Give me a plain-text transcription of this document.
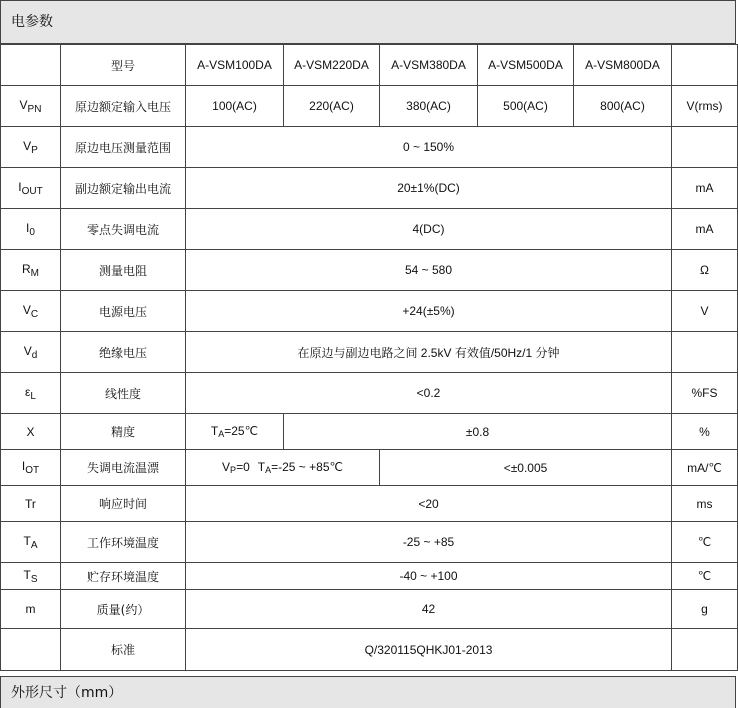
电参数
	型号	A-VSM100DA	A-VSM220DA	A-VSM380DA	A-VSM500DA	A-VSM800DA	
$V_{PN}$	原边额定输入电压	100(AC)	220(AC)	380(AC)	500(AC)	800(AC)	V(rms)
$V_P$	原边电压测量范围	0 ~ 150%					
$I_{OUT}$	副边额定输出电流	20±1%(DC)					mA
$I_0$	零点失调电流	4(DC)					mA
$R_M$	测量电阻	54 ~ 580					Ω
$V_C$	电源电压	+24(±5%)					V
$V_d$	绝缘电压	在原边与副边电路之间 2.5kV 有效值/50Hz/1 分钟					
$\varepsilon_L$	线性度	<0.2					%FS
X	精度	$T_A=25℃$	±0.8				%
$I_{OT}$	失调电流温漂	$V_P=0$ $T_A=-25$ ~ +85℃		<±0.005			mA/℃
Tr	响应时间	<20					ms
$T_A$	工作环境温度	-25 ~ +85					℃
$T_S$	贮存环境温度	-40 ~ +100					℃
m	质量(约）	42					g
	标准	Q/320115QHKJ01-2013					
外形尺寸（mm）
